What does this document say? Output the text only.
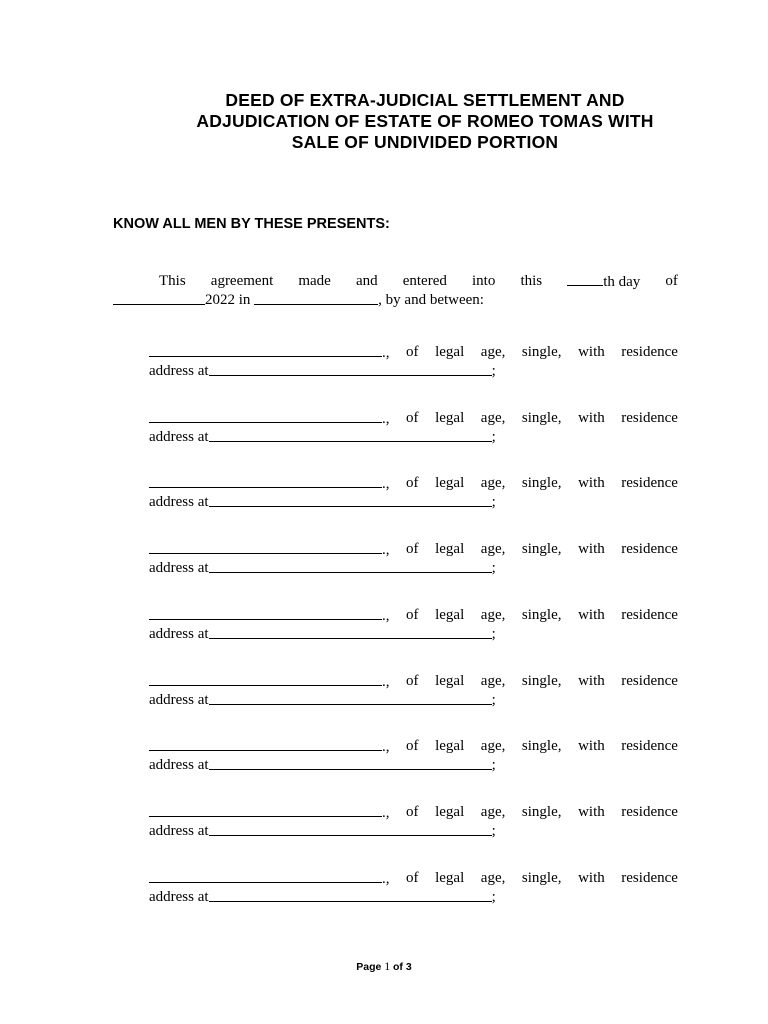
DEED OF EXTRA-JUDICIAL SETTLEMENT AND
ADJUDICATION OF ESTATE OF ROMEO TOMAS WITH
SALE OF UNDIVIDED PORTION
KNOW ALL MEN BY THESE PRESENTS:
This agreement made and entered into this	th day of
2022 in
	, by and between:
., of legal age, single, with residence
address at	;
., of legal age, single, with residence
address at	;
., of legal age, single, with residence
address at	;
., of legal age, single, with residence
address at	;
., of legal age, single, with residence
address at	;
., of legal age, single, with residence
address at	;
., of legal age, single, with residence
address at	;
., of legal age, single, with residence
address at	;
., of legal age, single, with residence
address at	;
Page 1 of 3
